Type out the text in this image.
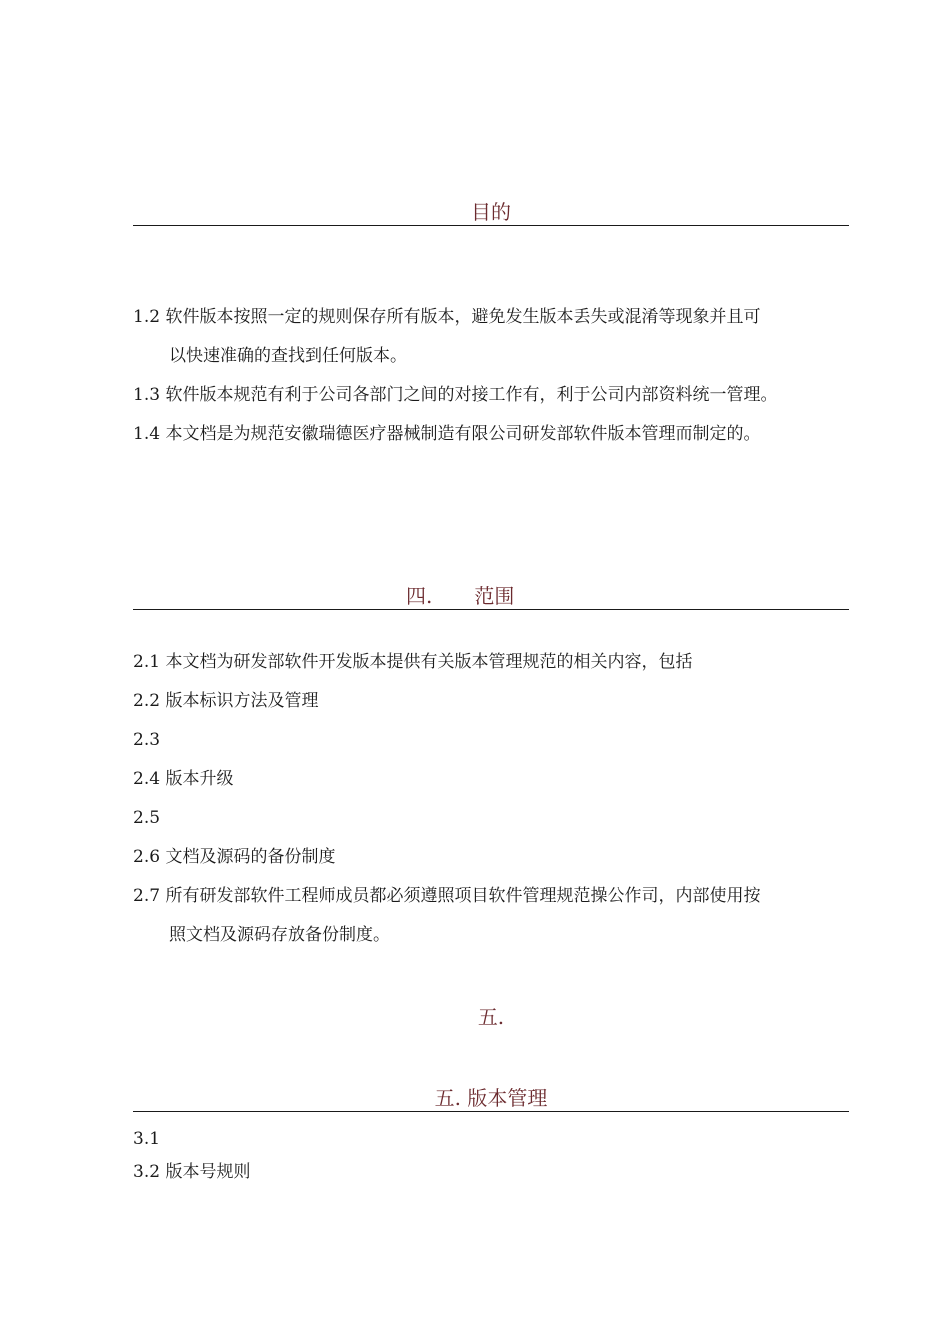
目的
1.2 软件版本按照一定的规则保存所有版本，避免发生版本丢失或混淆等现象并且可
以快速准确的查找到任何版本。
1.3 软件版本规范有利于公司各部门之间的对接工作有，利于公司内部资料统一管理。
1.4 本文档是为规范安徽瑞德医疗器械制造有限公司研发部软件版本管理而制定的。
四. 范围
2.1 本文档为研发部软件开发版本提供有关版本管理规范的相关内容，包括
2.2 版本标识方法及管理
2.3
2.4 版本升级
2.5
2.6 文档及源码的备份制度
2.7 所有研发部软件工程师成员都必须遵照项目软件管理规范操公作司，内部使用按
照文档及源码存放备份制度。
五.
五. 版本管理
3.1
3.2 版本号规则
